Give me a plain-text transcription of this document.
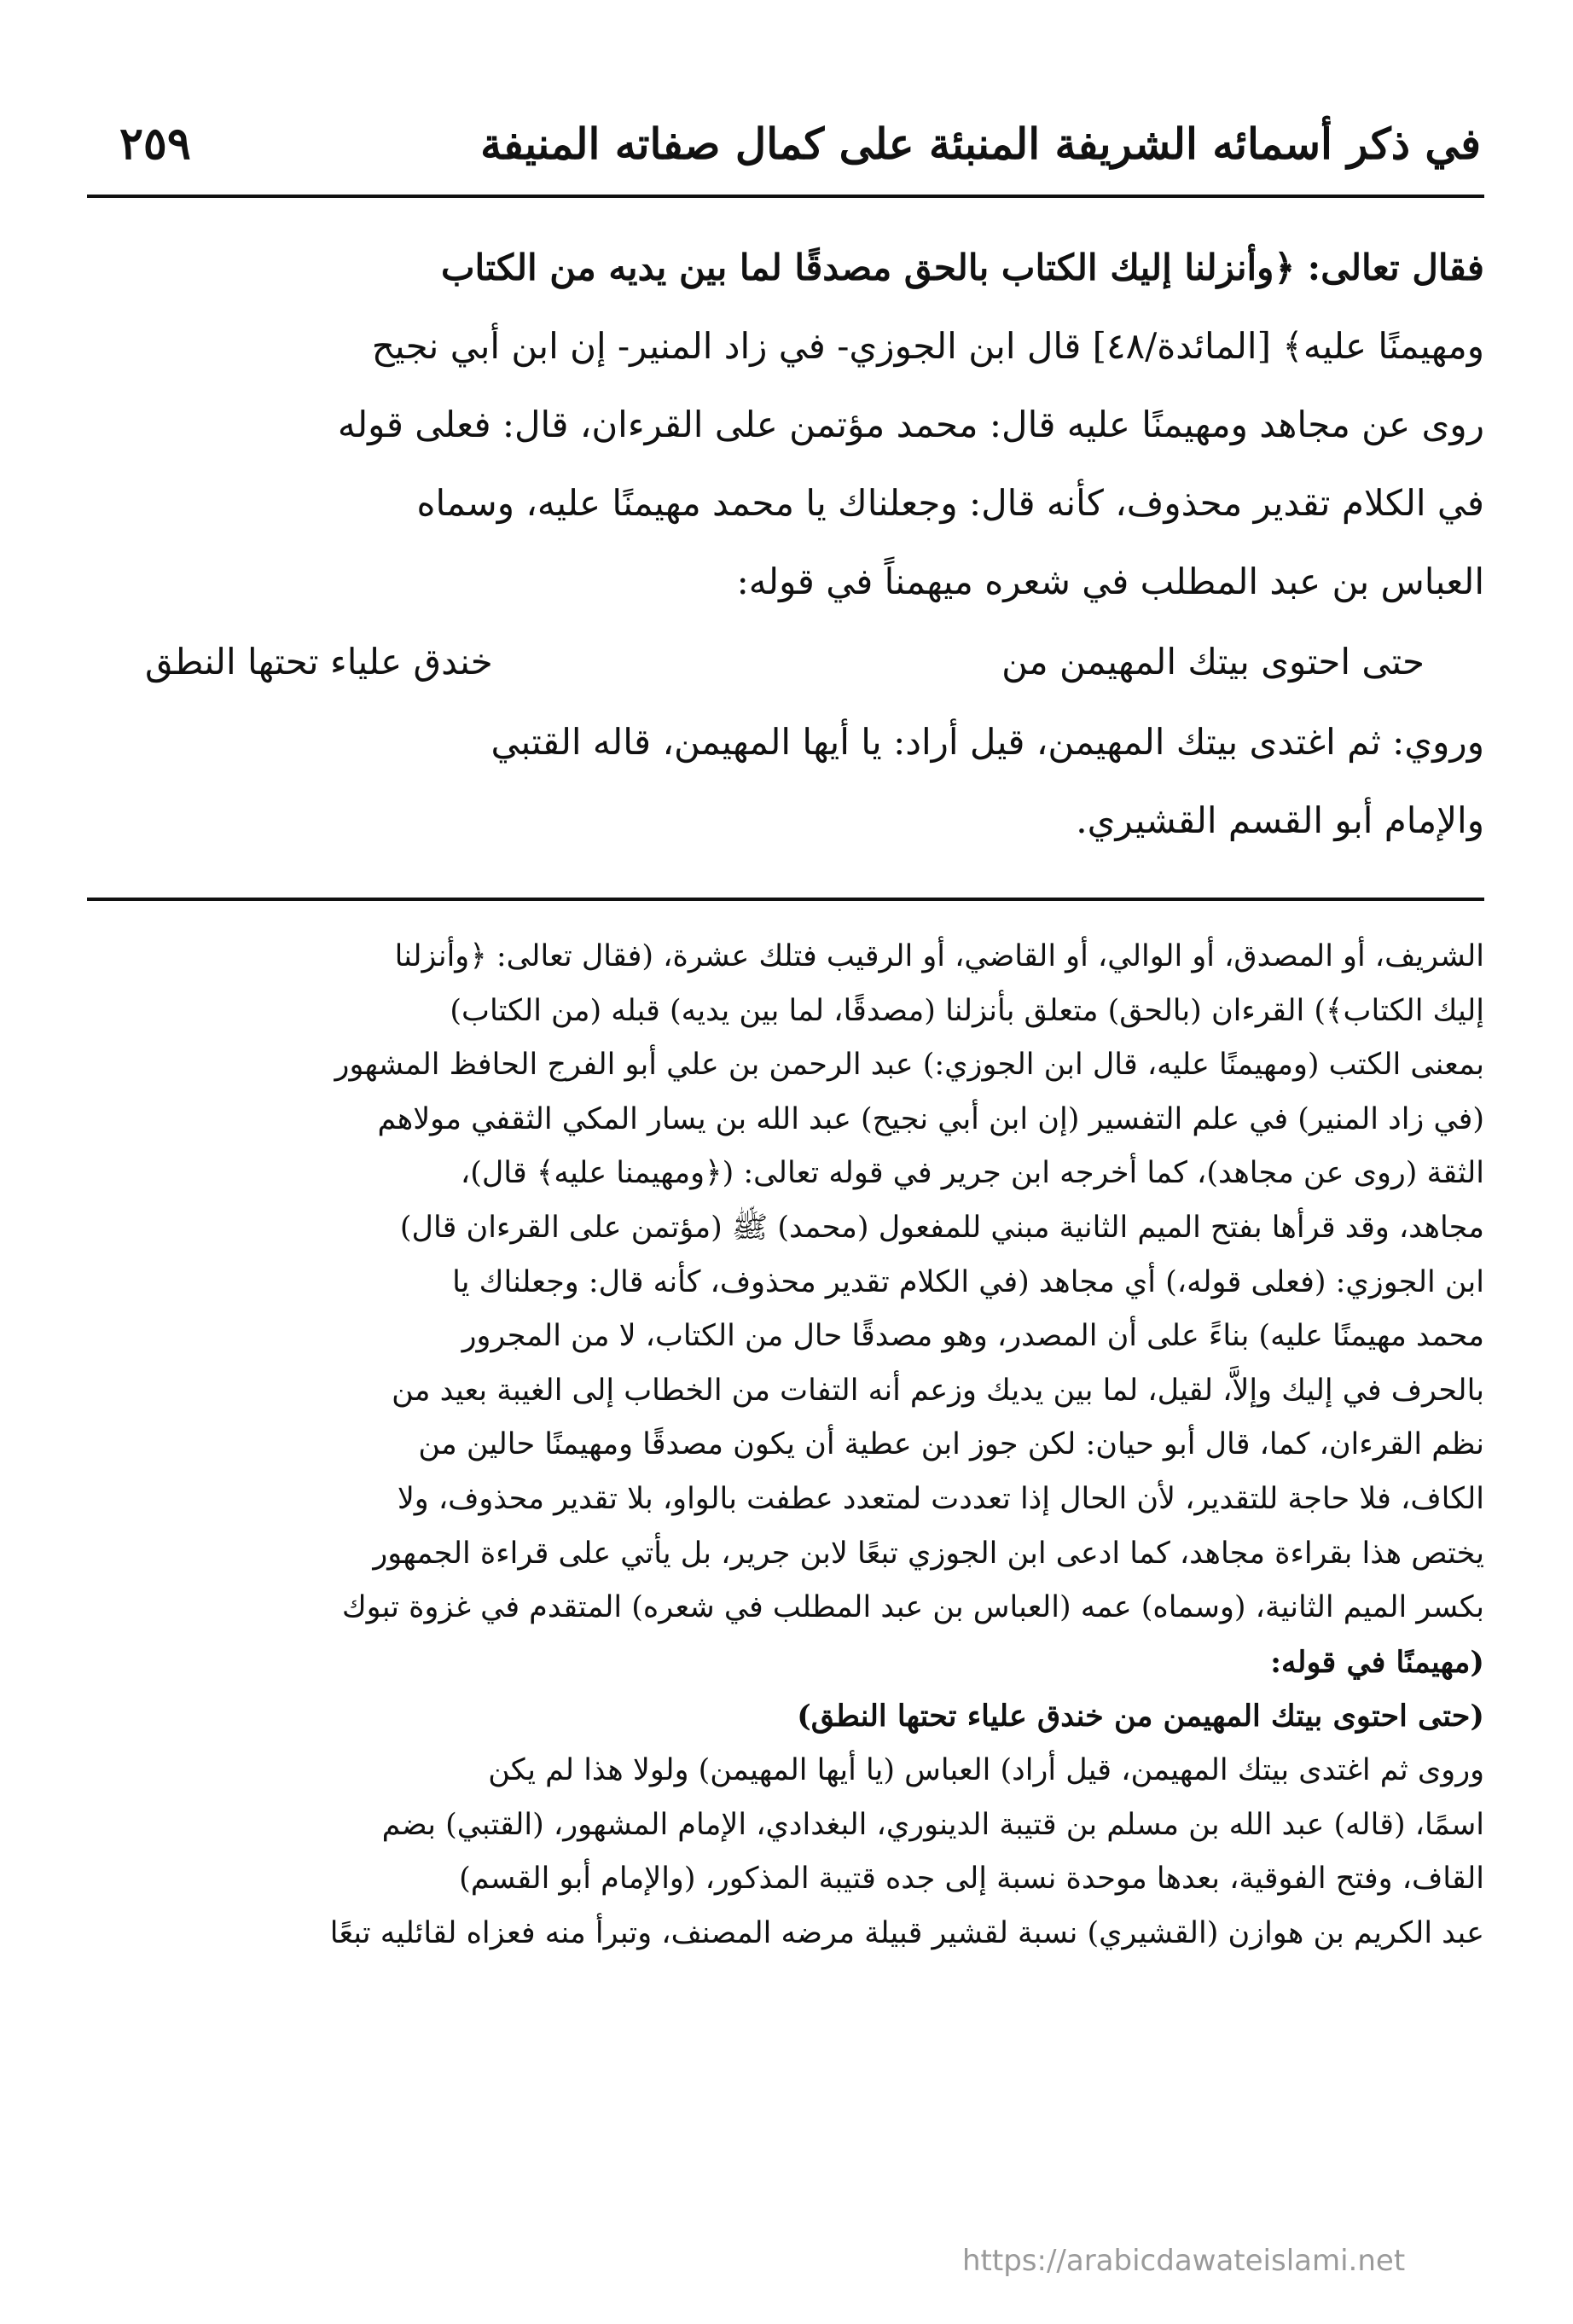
في ذكر أسمائه الشريفة المنبئة على كمال صفاته المنيفة
٢٥٩
فقال تعالى: ﴿وأنزلنا إليك الكتاب بالحق مصدقًا لما بين يديه من الكتاب
ومهيمنًا عليه﴾ [المائدة/٤٨] قال ابن الجوزي- في زاد المنير- إن ابن أبي نجيح
روى عن مجاهد ومهيمنًا عليه قال: محمد مؤتمن على القرءان، قال: فعلى قوله
في الكلام تقدير محذوف، كأنه قال: وجعلناك يا محمد مهيمنًا عليه، وسماه
العباس بن عبد المطلب في شعره ميهمناً في قوله:
حتى احتوى بيتك المهيمن من
خندق علياء تحتها النطق
وروي: ثم اغتدى بيتك المهيمن، قيل أراد: يا أيها المهيمن، قاله القتبي
والإمام أبو القسم القشيري.
الشريف، أو المصدق، أو الوالي، أو القاضي، أو الرقيب فتلك عشرة، (فقال تعالى: ﴿وأنزلنا
إليك الكتاب﴾) القرءان (بالحق) متعلق بأنزلنا (مصدقًا، لما بين يديه) قبله (من الكتاب)
بمعنى الكتب (ومهيمنًا عليه، قال ابن الجوزي:) عبد الرحمن بن علي أبو الفرج الحافظ المشهور
(في زاد المنير) في علم التفسير (إن ابن أبي نجيح) عبد الله بن يسار المكي الثقفي مولاهم
الثقة (روى عن مجاهد)، كما أخرجه ابن جرير في قوله تعالى: (﴿ومهيمنا عليه﴾ قال)،
مجاهد، وقد قرأها بفتح الميم الثانية مبني للمفعول (محمد) ﷺ (مؤتمن على القرءان قال)
ابن الجوزي: (فعلى قوله،) أي مجاهد (في الكلام تقدير محذوف، كأنه قال: وجعلناك يا
محمد مهيمنًا عليه) بناءً على أن المصدر، وهو مصدقًا حال من الكتاب، لا من المجرور
بالحرف في إليك وإلاَّ، لقيل، لما بين يديك وزعم أنه التفات من الخطاب إلى الغيبة بعيد من
نظم القرءان، كما، قال أبو حيان: لكن جوز ابن عطية أن يكون مصدقًا ومهيمنًا حالين من
الكاف، فلا حاجة للتقدير، لأن الحال إذا تعددت لمتعدد عطفت بالواو، بلا تقدير محذوف، ولا
يختص هذا بقراءة مجاهد، كما ادعى ابن الجوزي تبعًا لابن جرير، بل يأتي على قراءة الجمهور
بكسر الميم الثانية، (وسماه) عمه (العباس بن عبد المطلب في شعره) المتقدم في غزوة تبوك
(مهيمنًا في قوله:
(حتى احتوى بيتك المهيمن من خندق علياء تحتها النطق)
وروى ثم اغتدى بيتك المهيمن، قيل أراد) العباس (يا أيها المهيمن) ولولا هذا لم يكن
اسمًا، (قاله) عبد الله بن مسلم بن قتيبة الدينوري، البغدادي، الإمام المشهور، (القتبي) بضم
القاف، وفتح الفوقية، بعدها موحدة نسبة إلى جده قتيبة المذكور، (والإمام أبو القسم)
عبد الكريم بن هوازن (القشيري) نسبة لقشير قبيلة مرضه المصنف، وتبرأ منه فعزاه لقائليه تبعًا
https://arabicdawateislami.net
